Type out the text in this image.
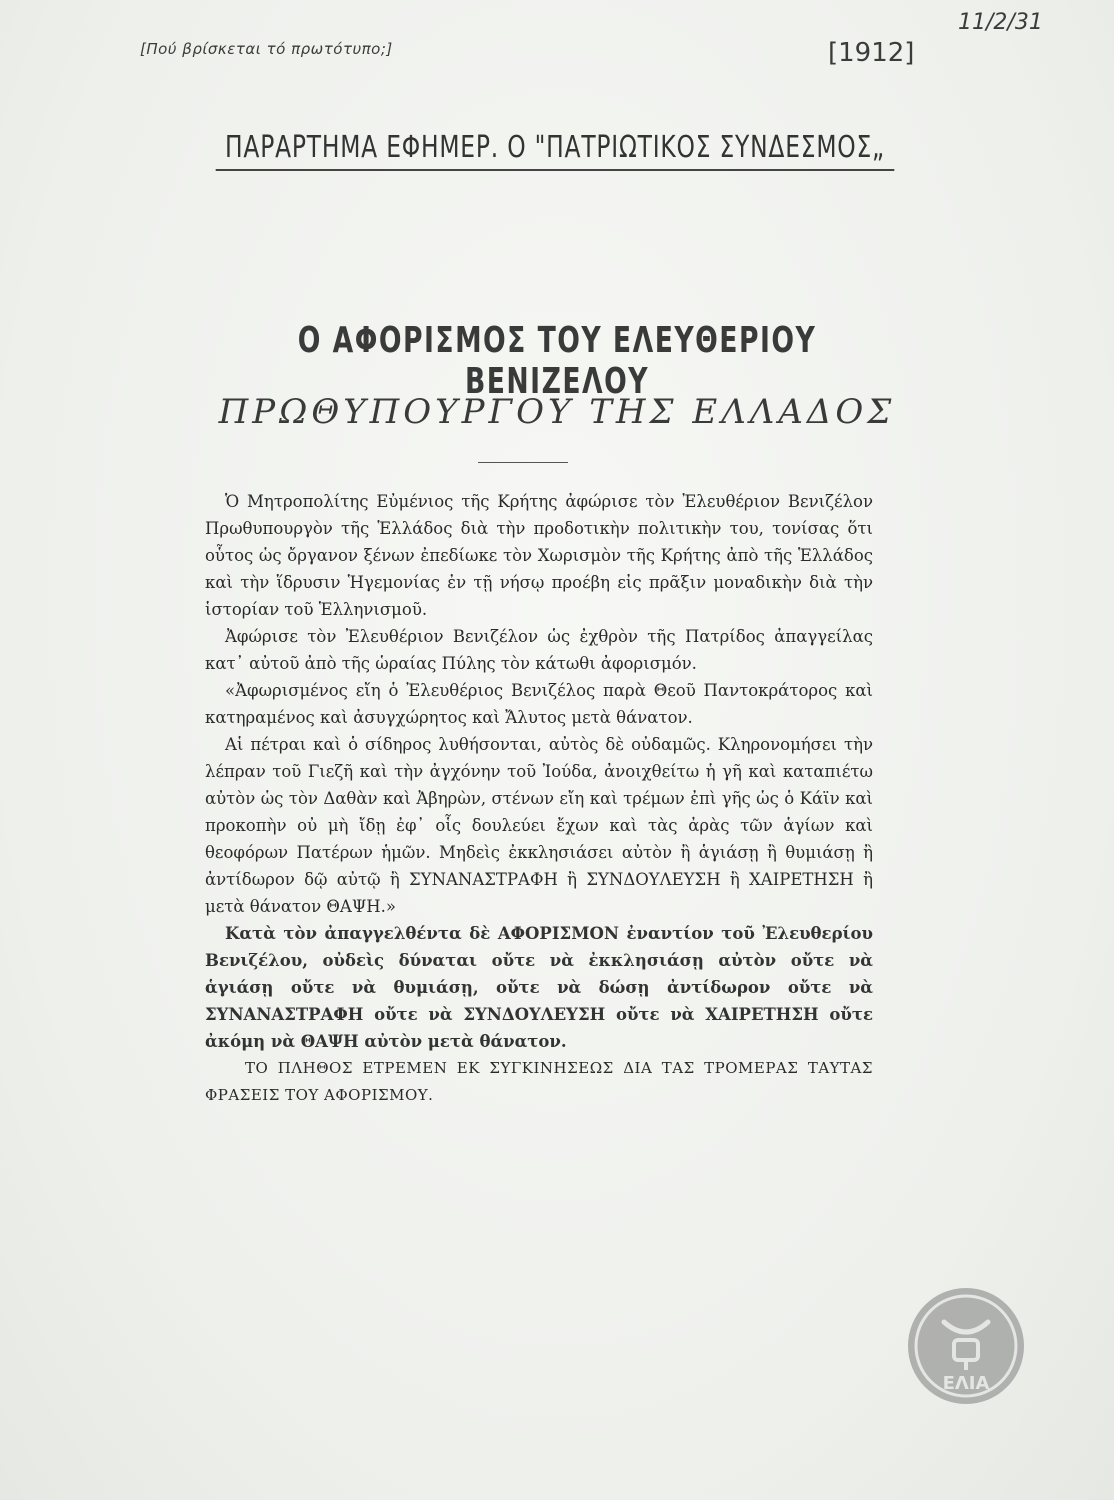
[Πού βρίσκεται τό πρωτότυπο;]	[1912]
11/2/31
ΠΑΡΑΡΤΗΜΑ ΕΦΗΜΕΡ. Ο "ΠΑΤΡΙΩΤΙΚΟΣ ΣΥΝΔΕΣΜΟΣ„
Ο ΑΦΟΡΙΣΜΟΣ ΤΟΥ ΕΛΕΥΘΕΡΙΟΥ ΒΕΝΙΖΕΛΟΥ
ΠΡΩΘΥΠΟΥΡΓΟΥ ΤΗΣ ΕΛΛΑΔΟΣ

Ὁ Μητροπολίτης Εὐμένιος τῆς Κρήτης ἀφώρισε τὸν Ἐλευθέριον Βενιζέλον Πρωθυπουργὸν τῆς Ἑλλάδος διὰ τὴν προδοτικὴν πολιτικὴν του, τονίσας ὅτι οὗτος ὡς ὄργανον ξένων ἐπεδίωκε τὸν Χωρισμὸν τῆς Κρήτης ἀπὸ τῆς Ἑλλάδος καὶ τὴν ἵδρυσιν Ἡγεμονίας ἐν τῇ νήσῳ προέβη εἰς πρᾶξιν μοναδικὴν διὰ τὴν ἱστορίαν τοῦ Ἑλληνισμοῦ.

Ἀφώρισε τὸν Ἐλευθέριον Βενιζέλον ὡς ἐχθρὸν τῆς Πατρίδος ἀπαγγείλας κατ᾽ αὐτοῦ ἀπὸ τῆς ὡραίας Πύλης τὸν κάτωθι ἀφορισμόν.

«Ἀφωρισμένος εἴη ὁ Ἐλευθέριος Βενιζέλος παρὰ Θεοῦ Παντοκράτορος καὶ κατηραμένος καὶ ἀσυγχώρητος καὶ Ἄλυτος μετὰ θάνατον.

Αἱ πέτραι καὶ ὁ σίδηρος λυθήσονται, αὐτὸς δὲ οὐδαμῶς. Κληρονομήσει τὴν λέπραν τοῦ Γιεζῆ καὶ τὴν ἀγχόνην τοῦ Ἰούδα, ἀνοιχθείτω ἡ γῆ καὶ καταπιέτω αὐτὸν ὡς τὸν Δαθὰν καὶ Ἀβηρὼν, στένων εἴη καὶ τρέμων ἐπὶ γῆς ὡς ὁ Κάϊν καὶ προκοπὴν οὐ μὴ ἴδῃ ἐφ᾽ οἷς δουλεύει ἔχων καὶ τὰς ἀρὰς τῶν ἁγίων καὶ θεοφόρων Πατέρων ἡμῶν. Μηδεὶς ἐκκλησιάσει αὐτὸν ἢ ἁγιάσῃ ἢ θυμιάσῃ ἢ ἀντίδωρον δῷ αὐτῷ ἢ ΣΥΝΑΝΑΣΤΡΑΦΗ ἢ ΣΥΝΔΟΥΛΕΥΣΗ ἢ ΧΑΙΡΕΤΗΣΗ ἢ μετὰ θάνατον ΘΑΨΗ.»

Κατὰ τὸν ἀπαγγελθέντα δὲ ΑΦΟΡΙΣΜΟΝ ἐναντίον τοῦ Ἐλευθερίου Βενιζέλου, οὐδεὶς δύναται οὔτε νὰ ἐκκλησιάσῃ αὐτὸν οὔτε νὰ ἁγιάσῃ οὔτε νὰ θυμιάσῃ, οὔτε νὰ δώσῃ ἀντίδωρον οὔτε νὰ ΣΥΝΑΝΑΣΤΡΑΦΗ οὔτε νὰ ΣΥΝΔΟΥΛΕΥΣΗ οὔτε νὰ ΧΑΙΡΕΤΗΣΗ οὔτε ἀκόμη νὰ ΘΑΨΗ αὐτὸν μετὰ θάνατον.

ΤΟ ΠΛΗΘΟΣ ΕΤΡΕΜΕΝ ΕΚ ΣΥΓΚΙΝΗΣΕΩΣ ΔΙΑ ΤΑΣ ΤΡΟΜΕΡΑΣ ΤΑΥΤΑΣ ΦΡΑΣΕΙΣ ΤΟΥ ΑΦΟΡΙΣΜΟΥ.

ΕΛΙΑ
